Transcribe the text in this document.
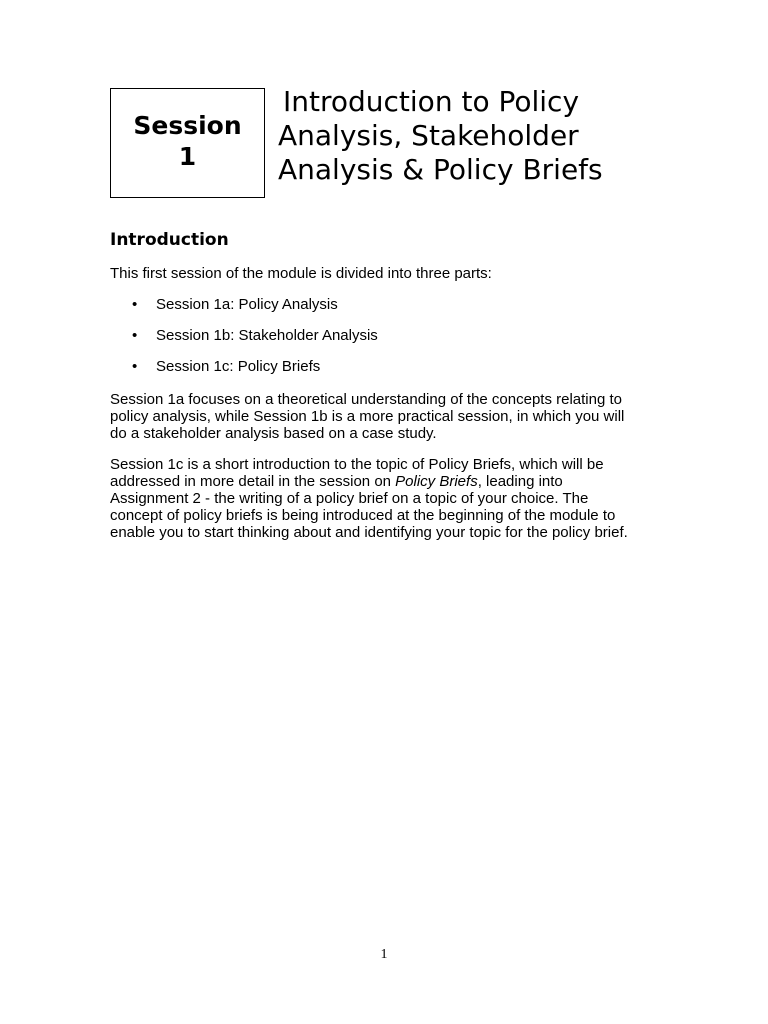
Session
1
Introduction to Policy
Analysis, Stakeholder
Analysis & Policy Briefs
Introduction

This first session of the module is divided into three parts:

• Session 1a: Policy Analysis
• Session 1b: Stakeholder Analysis
• Session 1c: Policy Briefs

Session 1a focuses on a theoretical understanding of the concepts relating to
policy analysis, while Session 1b is a more practical session, in which you will
do a stakeholder analysis based on a case study.

Session 1c is a short introduction to the topic of Policy Briefs, which will be
addressed in more detail in the session on Policy Briefs, leading into
Assignment 2 - the writing of a policy brief on a topic of your choice. The
concept of policy briefs is being introduced at the beginning of the module to
enable you to start thinking about and identifying your topic for the policy brief.

1
